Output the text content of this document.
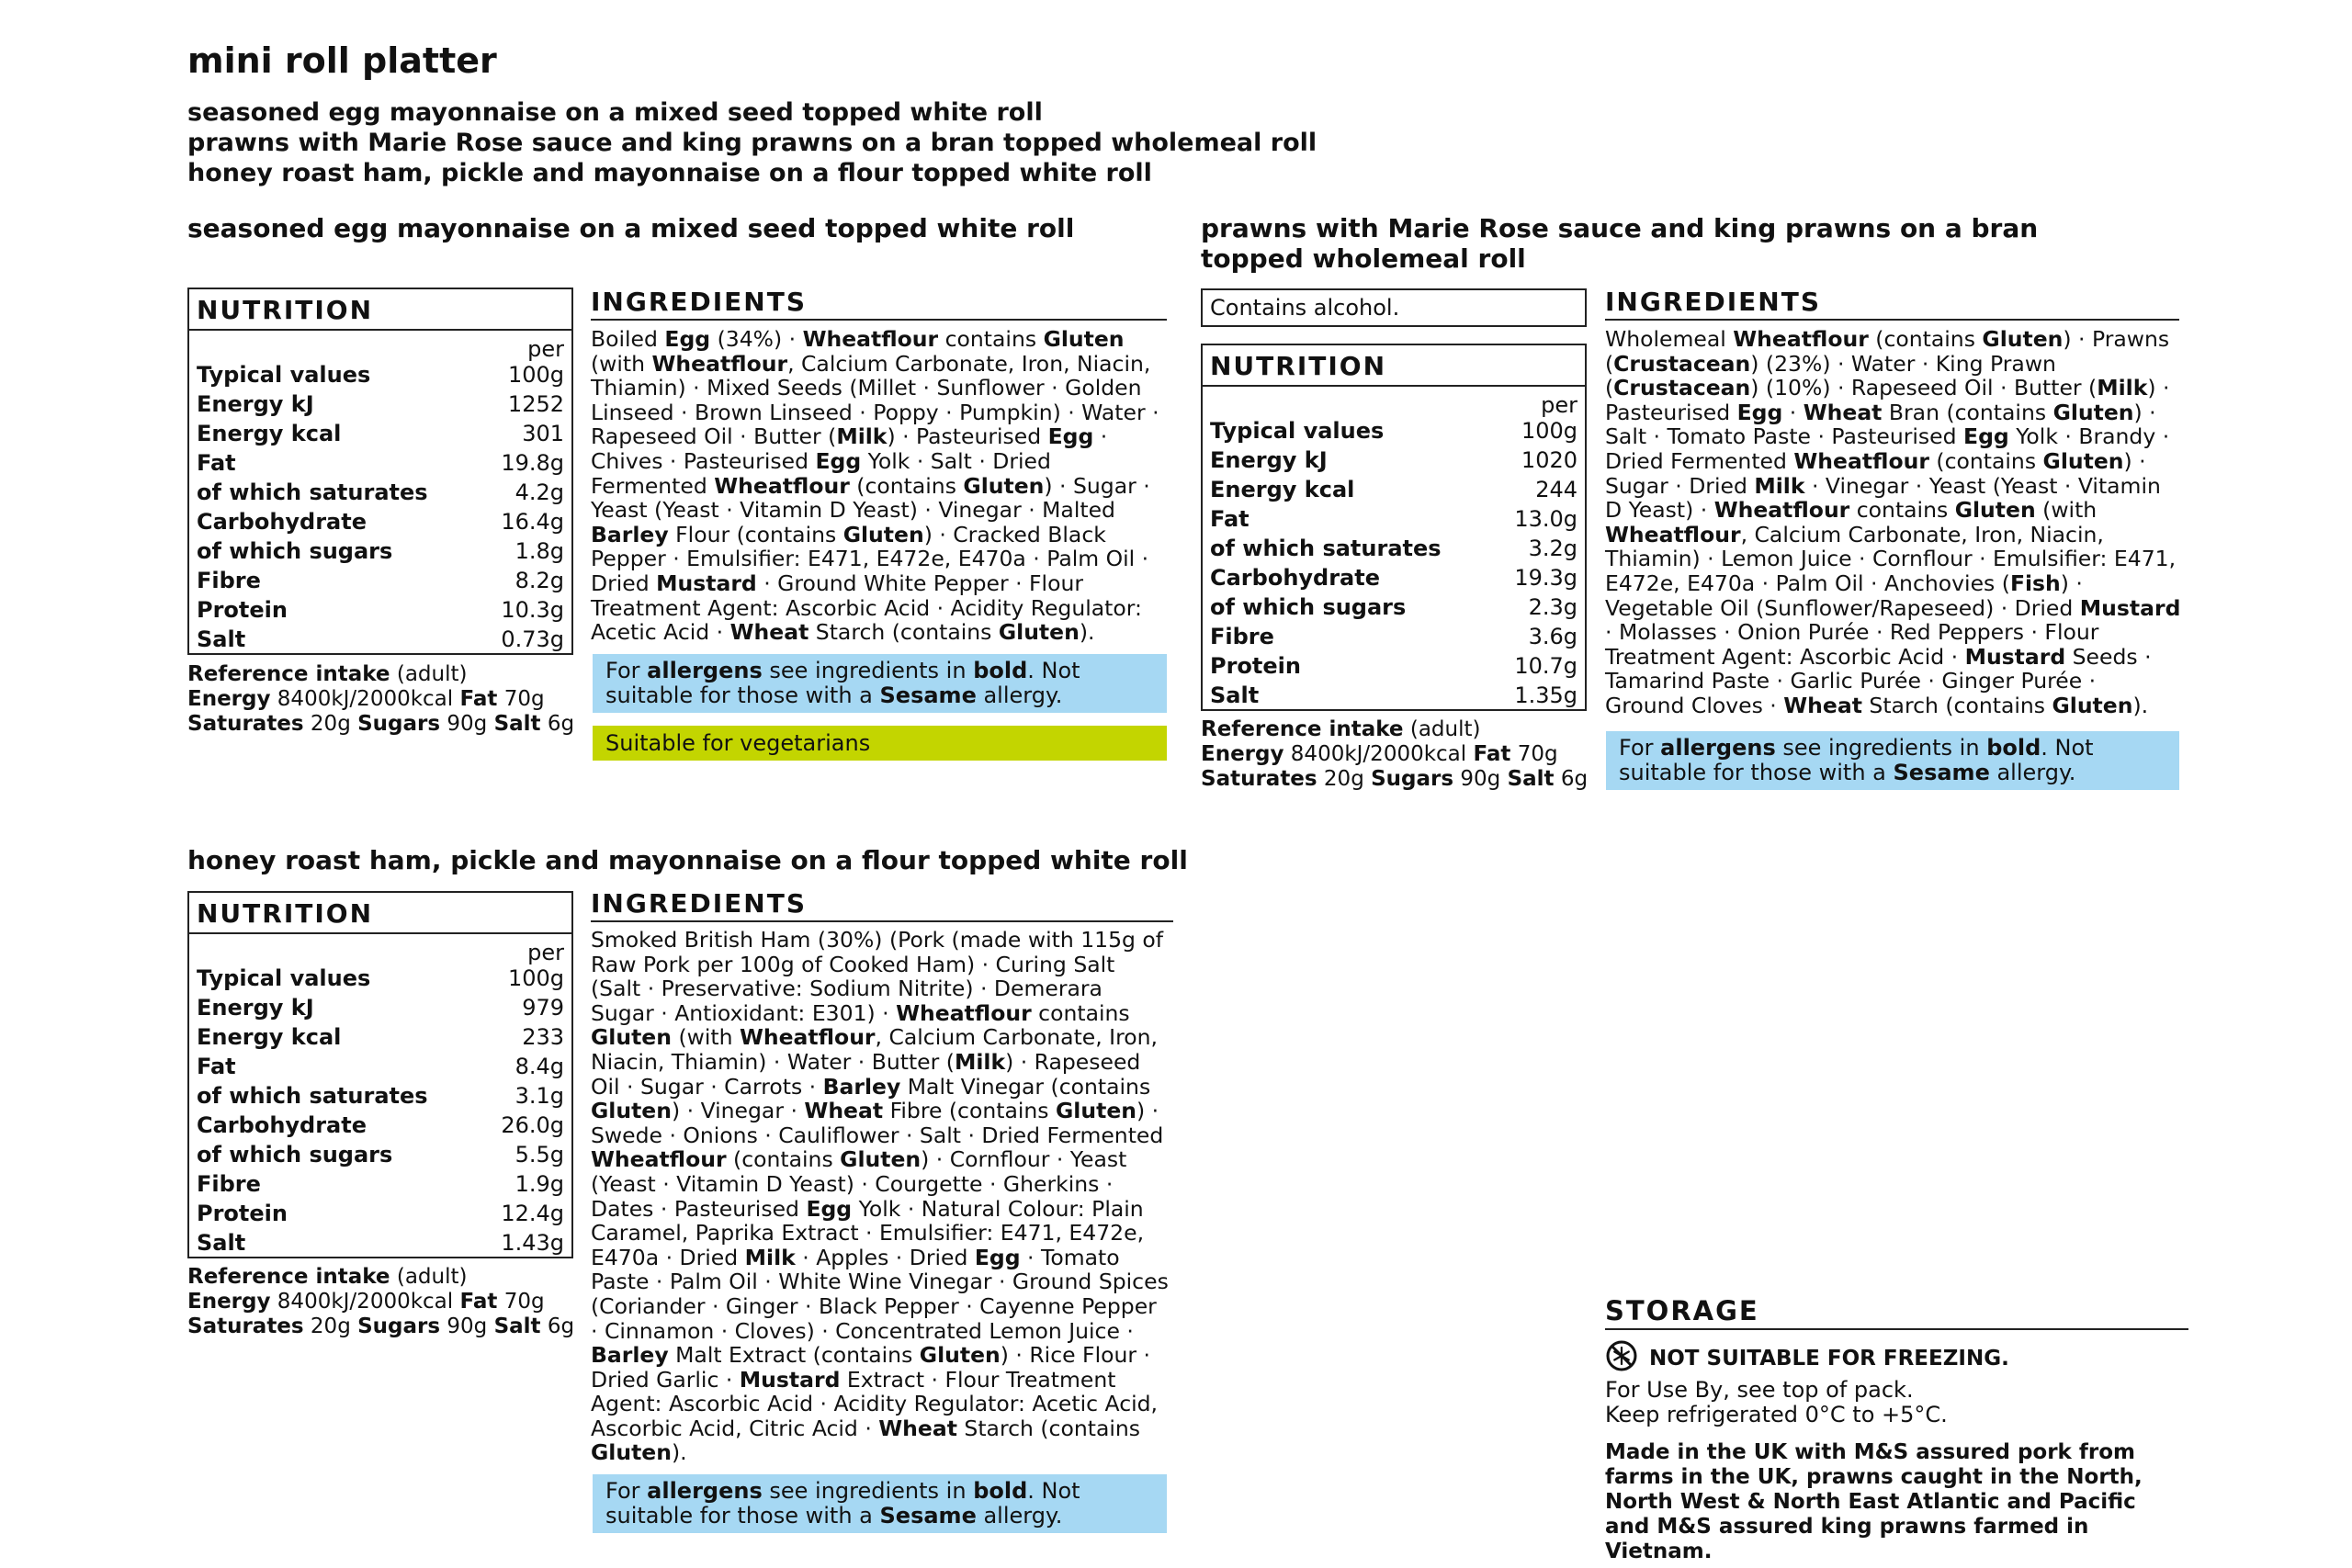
mini roll platter
seasoned egg mayonnaise on a mixed seed topped white roll
prawns with Marie Rose sauce and king prawns on a bran topped wholemeal roll
honey roast ham, pickle and mayonnaise on a flour topped white roll
seasoned egg mayonnaise on a mixed seed topped white roll
NUTRITION
per
Typical values	100g
Energy kJ	1252
Energy kcal	301
Fat	19.8g
of which saturates	4.2g
Carbohydrate	16.4g
of which sugars	1.8g
Fibre	8.2g
Protein	10.3g
Salt	0.73g
Reference intake (adult)
Energy 8400kJ/2000kcal Fat 70g
Saturates 20g Sugars 90g Salt 6g
INGREDIENTS
Boiled Egg (34%) · Wheatflour contains Gluten (with Wheatflour, Calcium Carbonate, Iron, Niacin, Thiamin) · Mixed Seeds (Millet · Sunflower · Golden Linseed · Brown Linseed · Poppy · Pumpkin) · Water · Rapeseed Oil · Butter (Milk) · Pasteurised Egg · Chives · Pasteurised Egg Yolk · Salt · Dried Fermented Wheatflour (contains Gluten) · Sugar · Yeast (Yeast · Vitamin D Yeast) · Vinegar · Malted Barley Flour (contains Gluten) · Cracked Black Pepper · Emulsifier: E471, E472e, E470a · Palm Oil · Dried Mustard · Ground White Pepper · Flour Treatment Agent: Ascorbic Acid · Acidity Regulator: Acetic Acid · Wheat Starch (contains Gluten).
For allergens see ingredients in bold. Not suitable for those with a Sesame allergy.
Suitable for vegetarians
prawns with Marie Rose sauce and king prawns on a bran topped wholemeal roll
Contains alcohol.
NUTRITION
per
Typical values	100g
Energy kJ	1020
Energy kcal	244
Fat	13.0g
of which saturates	3.2g
Carbohydrate	19.3g
of which sugars	2.3g
Fibre	3.6g
Protein	10.7g
Salt	1.35g
Reference intake (adult)
Energy 8400kJ/2000kcal Fat 70g
Saturates 20g Sugars 90g Salt 6g
INGREDIENTS
Wholemeal Wheatflour (contains Gluten) · Prawns (Crustacean) (23%) · Water · King Prawn (Crustacean) (10%) · Rapeseed Oil · Butter (Milk) · Pasteurised Egg · Wheat Bran (contains Gluten) · Salt · Tomato Paste · Pasteurised Egg Yolk · Brandy · Dried Fermented Wheatflour (contains Gluten) · Sugar · Dried Milk · Vinegar · Yeast (Yeast · Vitamin D Yeast) · Wheatflour contains Gluten (with Wheatflour, Calcium Carbonate, Iron, Niacin, Thiamin) · Lemon Juice · Cornflour · Emulsifier: E471, E472e, E470a · Palm Oil · Anchovies (Fish) · Vegetable Oil (Sunflower/Rapeseed) · Dried Mustard · Molasses · Onion Purée · Red Peppers · Flour Treatment Agent: Ascorbic Acid · Mustard Seeds · Tamarind Paste · Garlic Purée · Ginger Purée · Ground Cloves · Wheat Starch (contains Gluten).
For allergens see ingredients in bold. Not suitable for those with a Sesame allergy.
honey roast ham, pickle and mayonnaise on a flour topped white roll
NUTRITION
per
Typical values	100g
Energy kJ	979
Energy kcal	233
Fat	8.4g
of which saturates	3.1g
Carbohydrate	26.0g
of which sugars	5.5g
Fibre	1.9g
Protein	12.4g
Salt	1.43g
Reference intake (adult)
Energy 8400kJ/2000kcal Fat 70g
Saturates 20g Sugars 90g Salt 6g
INGREDIENTS
Smoked British Ham (30%) (Pork (made with 115g of Raw Pork per 100g of Cooked Ham) · Curing Salt (Salt · Preservative: Sodium Nitrite) · Demerara Sugar · Antioxidant: E301) · Wheatflour contains Gluten (with Wheatflour, Calcium Carbonate, Iron, Niacin, Thiamin) · Water · Butter (Milk) · Rapeseed Oil · Sugar · Carrots · Barley Malt Vinegar (contains Gluten) · Vinegar · Wheat Fibre (contains Gluten) · Swede · Onions · Cauliflower · Salt · Dried Fermented Wheatflour (contains Gluten) · Cornflour · Yeast (Yeast · Vitamin D Yeast) · Courgette · Gherkins · Dates · Pasteurised Egg Yolk · Natural Colour: Plain Caramel, Paprika Extract · Emulsifier: E471, E472e, E470a · Dried Milk · Apples · Dried Egg · Tomato Paste · Palm Oil · White Wine Vinegar · Ground Spices (Coriander · Ginger · Black Pepper · Cayenne Pepper · Cinnamon · Cloves) · Concentrated Lemon Juice · Barley Malt Extract (contains Gluten) · Rice Flour · Dried Garlic · Mustard Extract · Flour Treatment Agent: Ascorbic Acid · Acidity Regulator: Acetic Acid, Ascorbic Acid, Citric Acid · Wheat Starch (contains Gluten).
For allergens see ingredients in bold. Not suitable for those with a Sesame allergy.
STORAGE
NOT SUITABLE FOR FREEZING.
For Use By, see top of pack.
Keep refrigerated 0°C to +5°C.
Made in the UK with M&S assured pork from farms in the UK, prawns caught in the North, North West & North East Atlantic and Pacific and M&S assured king prawns farmed in Vietnam.
